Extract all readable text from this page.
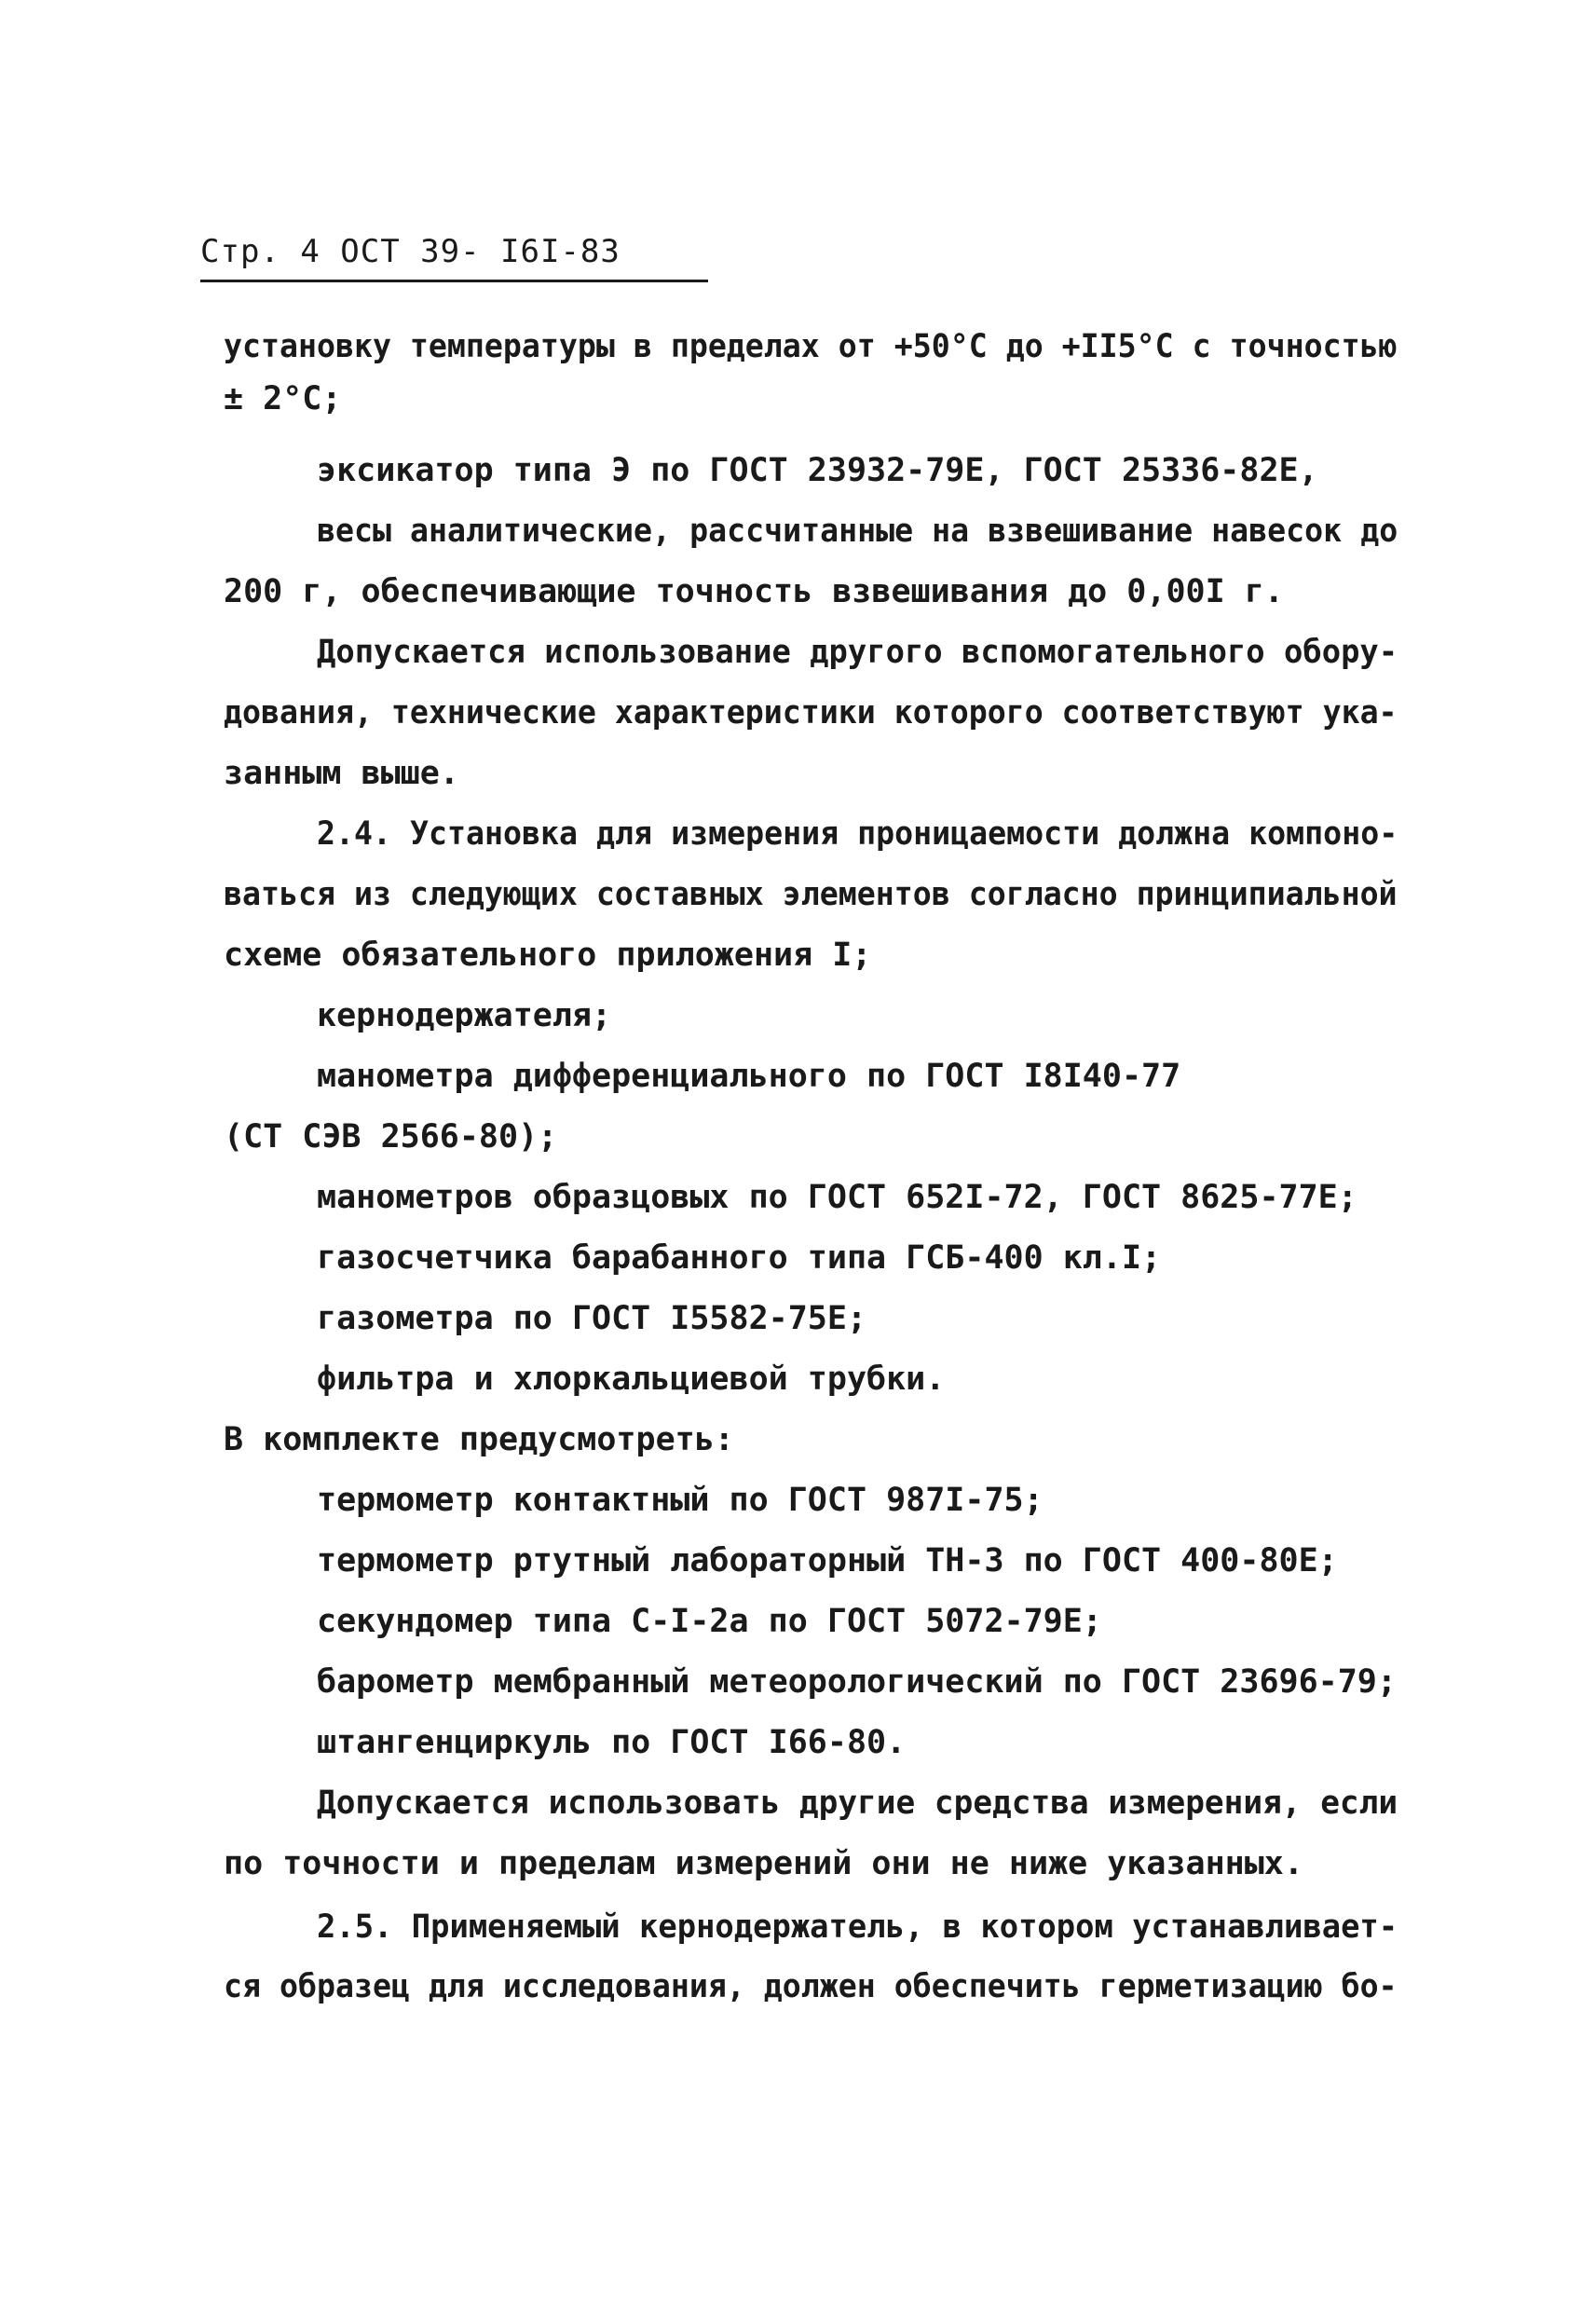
Стр. 4 ОСТ 39- I6I-83
установку температуры в пределах от +50°С до +II5°С с точностью
± 2°С;
эксикатор типа Э по ГОСТ 23932-79Е, ГОСТ 25336-82Е,
весы аналитические, рассчитанные на взвешивание навесок до
200 г, обеспечивающие точность взвешивания до 0,00I г.
Допускается использование другого вспомогательного обору-
дования, технические характеристики которого соответствуют ука-
занным выше.
2.4. Установка для измерения проницаемости должна компоно-
ваться из следующих составных элементов согласно принципиальной
схеме обязательного приложения I;
кернодержателя;
манометра дифференциального по ГОСТ I8I40-77
(СТ СЭВ 2566-80);
манометров образцовых по ГОСТ 652I-72, ГОСТ 8625-77Е;
газосчетчика барабанного типа ГСБ-400 кл.I;
газометра по ГОСТ I5582-75Е;
фильтра и хлоркальциевой трубки.
В комплекте предусмотреть:
термометр контактный по ГОСТ 987I-75;
термометр ртутный лабораторный ТН-3 по ГОСТ 400-80Е;
секундомер типа С-I-2а по ГОСТ 5072-79Е;
барометр мембранный метеорологический по ГОСТ 23696-79;
штангенциркуль по ГОСТ I66-80.
Допускается использовать другие средства измерения, если
по точности и пределам измерений они не ниже указанных.
2.5. Применяемый кернодержатель, в котором устанавливает-
ся образец для исследования, должен обеспечить герметизацию бо-
